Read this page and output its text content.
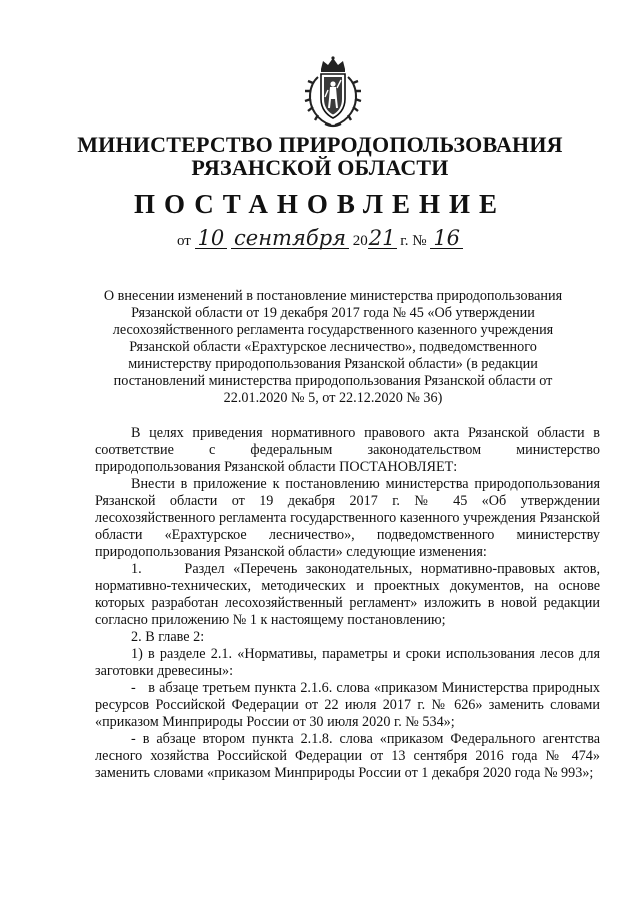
МИНИСТЕРСТВО ПРИРОДОПОЛЬЗОВАНИЯ
РЯЗАНСКОЙ ОБЛАСТИ
ПОСТАНОВЛЕНИЕ
от 10 сентября 2021 г. № 16
О внесении изменений в постановление министерства природопользования Рязанской области от 19 декабря 2017 года № 45 «Об утверждении лесохозяйственного регламента государственного казенного учреждения Рязанской области «Ерахтурское лесничество», подведомственного министерству природопользования Рязанской области» (в редакции постановлений министерства природопользования Рязанской области от 22.01.2020 № 5, от 22.12.2020 № 36)

В целях приведения нормативного правового акта Рязанской области в соответствие с федеральным законодательством министерство природопользования Рязанской области ПОСТАНОВЛЯЕТ:

Внести в приложение к постановлению министерства природопользования Рязанской области от 19 декабря 2017 г. № 45 «Об утверждении лесохозяйственного регламента государственного казенного учреждения Рязанской области «Ерахтурское лесничество», подведомственного министерству природопользования Рязанской области» следующие изменения:

1.     Раздел «Перечень законодательных, нормативно-правовых актов, нормативно-технических, методических и проектных документов, на основе которых разработан лесохозяйственный регламент» изложить в новой редакции согласно приложению № 1 к настоящему постановлению;

2. В главе 2:

1) в разделе 2.1. «Нормативы, параметры и сроки использования лесов для заготовки древесины»:

-   в абзаце третьем пункта 2.1.6. слова «приказом Министерства природных ресурсов Российской Федерации от 22 июля 2017 г. № 626» заменить словами «приказом Минприроды России от 30 июля 2020 г. № 534»;

- в абзаце втором пункта 2.1.8. слова «приказом Федерального агентства лесного хозяйства Российской Федерации от 13 сентября 2016 года № 474» заменить словами «приказом Минприроды России от 1 декабря 2020 года № 993»;
